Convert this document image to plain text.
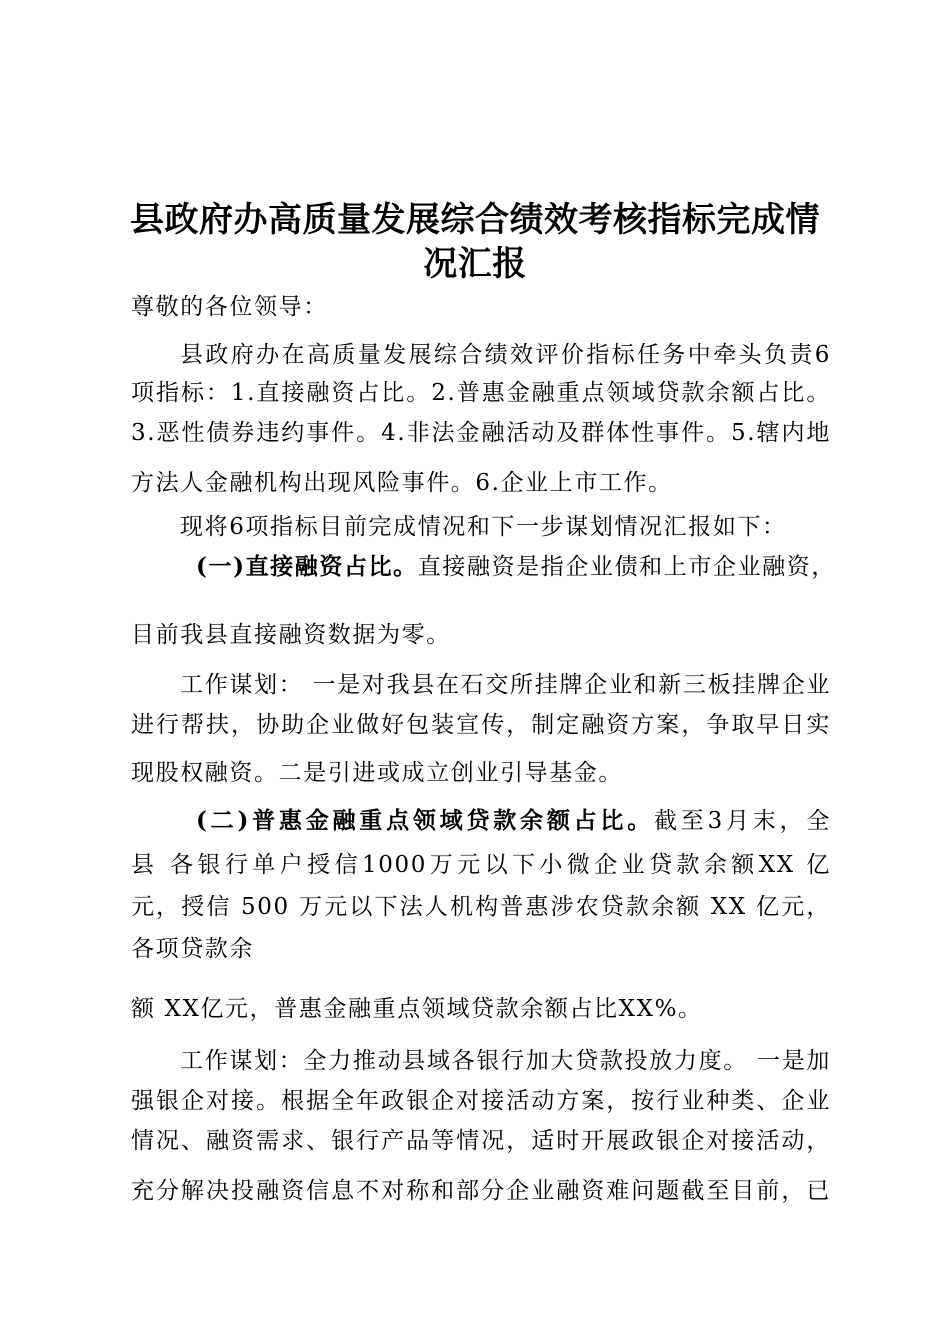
县政府办高质量发展综合绩效考核指标完成情
况汇报
尊敬的各位领导：
县政府办在高质量发展综合绩效评价指标任务中牵头负责6
项指标：1.直接融资占比。2.普惠金融重点领域贷款余额占比。
3.恶性债券违约事件。4.非法金融活动及群体性事件。5.辖内地
方法人金融机构出现风险事件。6.企业上市工作。
现将6项指标目前完成情况和下一步谋划情况汇报如下：
(一)直接融资占比。直接融资是指企业债和上市企业融资，
目前我县直接融资数据为零。
工作谋划： 一是对我县在石交所挂牌企业和新三板挂牌企业
进行帮扶，协助企业做好包装宣传，制定融资方案，争取早日实
现股权融资。二是引进或成立创业引导基金。
(二)普惠金融重点领域贷款余额占比。截至3月末，全
县 各银行单户授信1000万元以下小微企业贷款余额XX 亿
元，授信 500 万元以下法人机构普惠涉农贷款余额 XX 亿元，
各项贷款余
额 XX亿元，普惠金融重点领域贷款余额占比XX%。
工作谋划：全力推动县域各银行加大贷款投放力度。 一是加
强银企对接。根据全年政银企对接活动方案，按行业种类、企业
情况、融资需求、银行产品等情况，适时开展政银企对接活动，
充分解决投融资信息不对称和部分企业融资难问题截至目前，已
